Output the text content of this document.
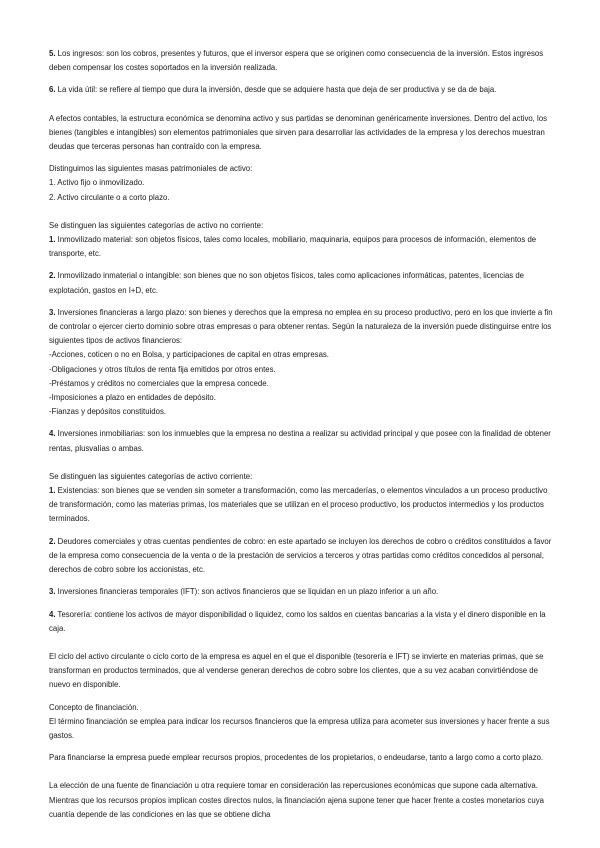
5. Los ingresos: son los cobros, presentes y futuros, que el inversor espera que se originen como consecuencia de la inversión. Estos ingresos deben compensar los costes soportados en la inversión realizada.

6. La vida útil: se refiere al tiempo que dura la inversión, desde que se adquiere hasta que deja de ser productiva y se da de baja.

A efectos contables, la estructura económica se denomina activo y sus partidas se denominan genéricamente inversiones. Dentro del activo, los bienes (tangibles e intangibles) son elementos patrimoniales que sirven para desarrollar las actividades de la empresa y los derechos muestran deudas que terceras personas han contraído con la empresa.

Distinguimos las siguientes masas patrimoniales de activo:

1. Activo fijo o inmovilizado.

2. Activo circulante o a corto plazo.

Se distinguen las siguientes categorías de activo no corriente:

1. Inmovilizado material: son objetos físicos, tales como locales, mobiliario, maquinaria, equipos para procesos de información, elementos de transporte, etc.

2. Inmovilizado inmaterial o intangible: son bienes que no son objetos físicos, tales como aplicaciones informáticas, patentes, licencias de explotación, gastos en I+D, etc.

3. Inversiones financieras a largo plazo: son bienes y derechos que la empresa no emplea en su proceso productivo, pero en los que invierte a fin de controlar o ejercer cierto dominio sobre otras empresas o para obtener rentas. Según la naturaleza de la inversión puede distinguirse entre los siguientes tipos de activos financieros:

-Acciones, coticen o no en Bolsa, y participaciones de capital en otras empresas.

-Obligaciones y otros títulos de renta fija emitidos por otros entes.

-Préstamos y créditos no comerciales que la empresa concede.

-Imposiciones a plazo en entidades de depósito.

-Fianzas y depósitos constituidos.

4. Inversiones inmobiliarias: son los inmuebles que la empresa no destina a realizar su actividad principal y que posee con la finalidad de obtener rentas, plusvalías o ambas.

Se distinguen las siguientes categorías de activo corriente:

1. Existencias: son bienes que se venden sin someter a transformación, como las mercaderías, o elementos vinculados a un proceso productivo de transformación, como las materias primas, los materiales que se utilizan en el proceso productivo, los productos intermedios y los productos terminados.

2. Deudores comerciales y otras cuentas pendientes de cobro: en este apartado se incluyen los derechos de cobro o créditos constituidos a favor de la empresa como consecuencia de la venta o de la prestación de servicios a terceros y otras partidas como créditos concedidos al personal, derechos de cobro sobre los accionistas, etc.

3. Inversiones financieras temporales (IFT): son activos financieros que se liquidan en un plazo inferior a un año.

4. Tesorería: contiene los activos de mayor disponibilidad o liquidez, como los saldos en cuentas bancarias a la vista y el dinero disponible en la caja.

El ciclo del activo circulante o ciclo corto de la empresa es aquel en el que el disponible (tesorería e IFT) se invierte en materias primas, que se transforman en productos terminados, que al venderse generan derechos de cobro sobre los clientes, que a su vez acaban convirtiéndose de nuevo en disponible.

Concepto de financiación.

El término financiación se emplea para indicar los recursos financieros que la empresa utiliza para acometer sus inversiones y hacer frente a sus gastos.

Para financiarse la empresa puede emplear recursos propios, procedentes de los propietarios, o endeudarse, tanto a largo como a corto plazo.

La elección de una fuente de financiación u otra requiere tomar en consideración las repercusiones económicas que supone cada alternativa. Mientras que los recursos propios implican costes directos nulos, la financiación ajena supone tener que hacer frente a costes monetarios cuya cuantía depende de las condiciones en las que se obtiene dicha
